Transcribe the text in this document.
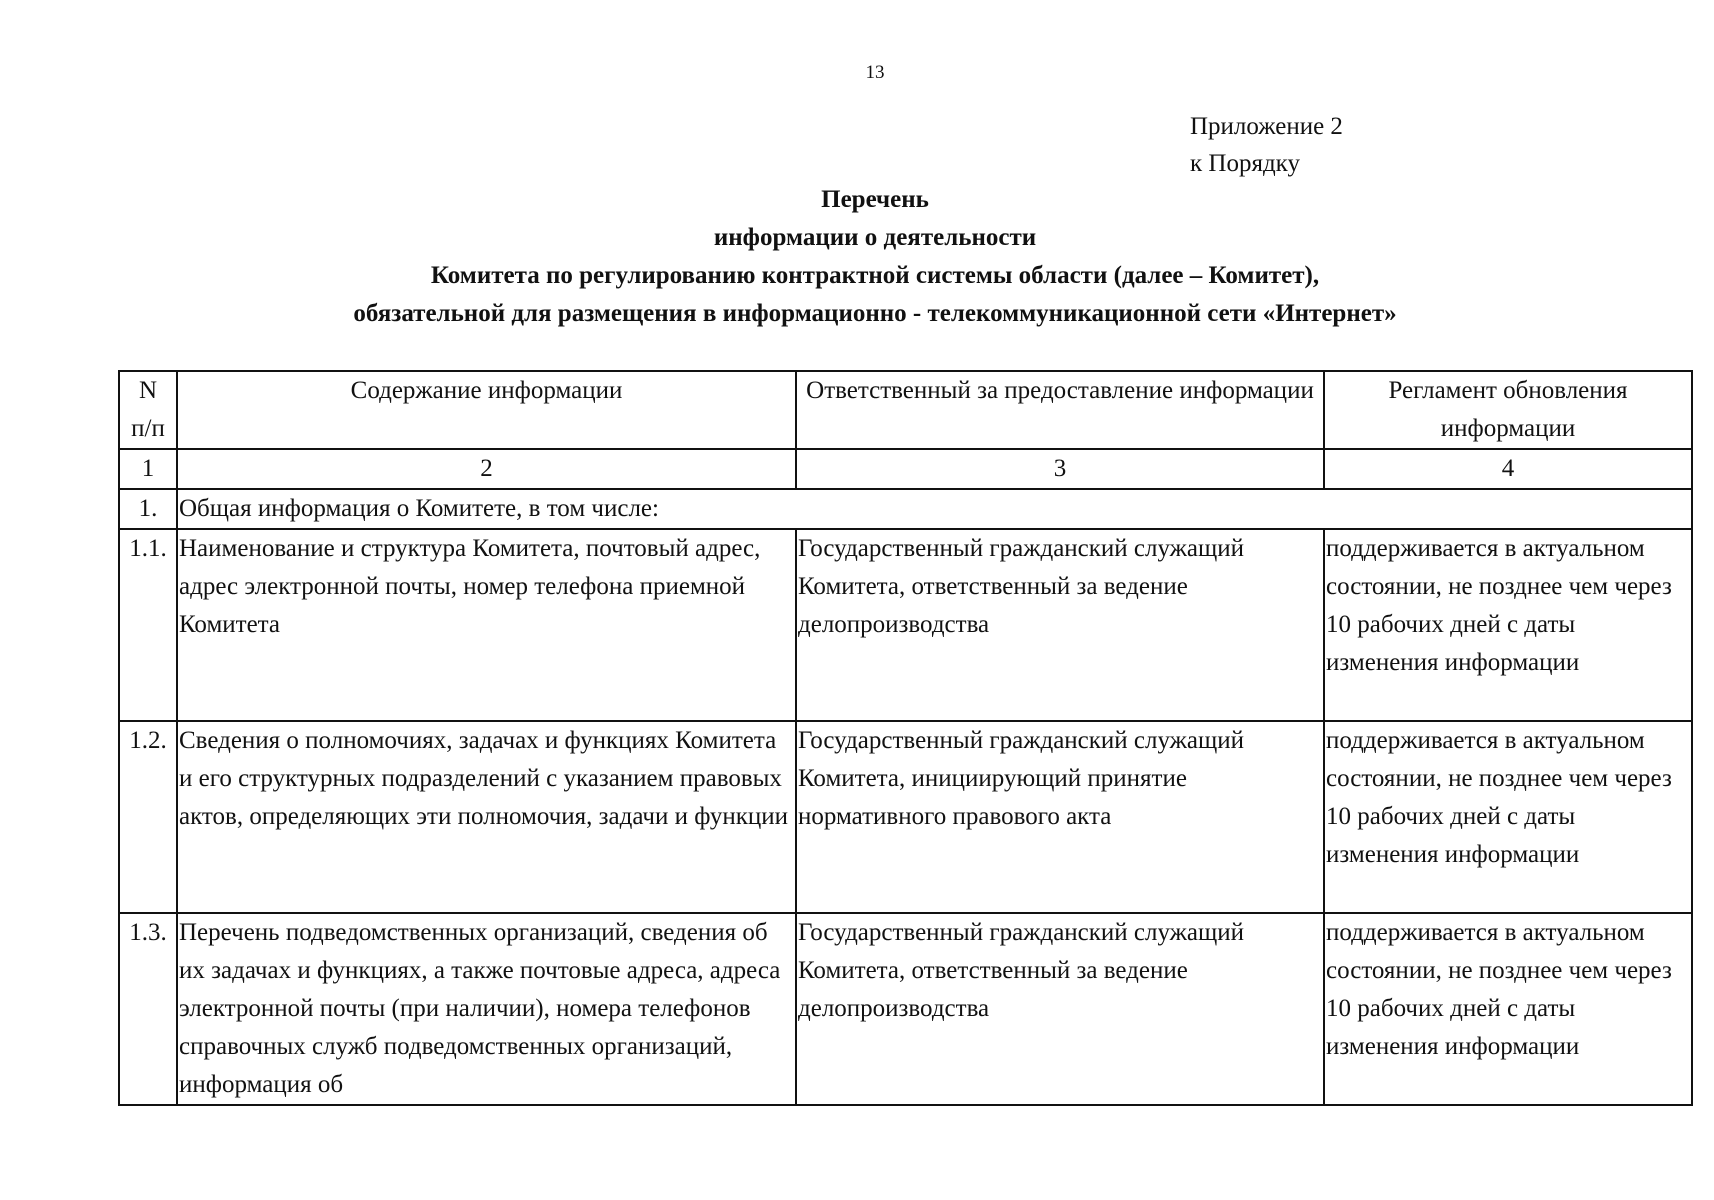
13
Приложение 2
к Порядку
Перечень
информации о деятельности
Комитета по регулированию контрактной системы области (далее – Комитет),
обязательной для размещения в информационно - телекоммуникационной сети «Интернет»
N
п/п	Содержание информации	Ответственный за предоставление информации	Регламент обновления информации
1	2	3	4
1.	Общая информация о Комитете, в том числе:		
1.1.	Наименование и структура Комитета, почтовый адрес, адрес электронной почты, номер телефона приемной Комитета	Государственный гражданский служащий Комитета, ответственный за ведение делопроизводства	поддерживается в актуальном состоянии, не позднее чем через 10 рабочих дней с даты изменения информации
1.2.	Сведения о полномочиях, задачах и функциях Комитета и его структурных подразделений с указанием правовых актов, определяющих эти полномочия, задачи и функции	Государственный гражданский служащий Комитета, инициирующий принятие нормативного правового акта	поддерживается в актуальном состоянии, не позднее чем через 10 рабочих дней с даты изменения информации
1.3.	Перечень подведомственных организаций, сведения об их задачах и функциях, а также почтовые адреса, адреса электронной почты (при наличии), номера телефонов справочных служб подведомственных организаций, информация об	Государственный гражданский служащий Комитета, ответственный за ведение делопроизводства	поддерживается в актуальном состоянии, не позднее чем через 10 рабочих дней с даты изменения информации
